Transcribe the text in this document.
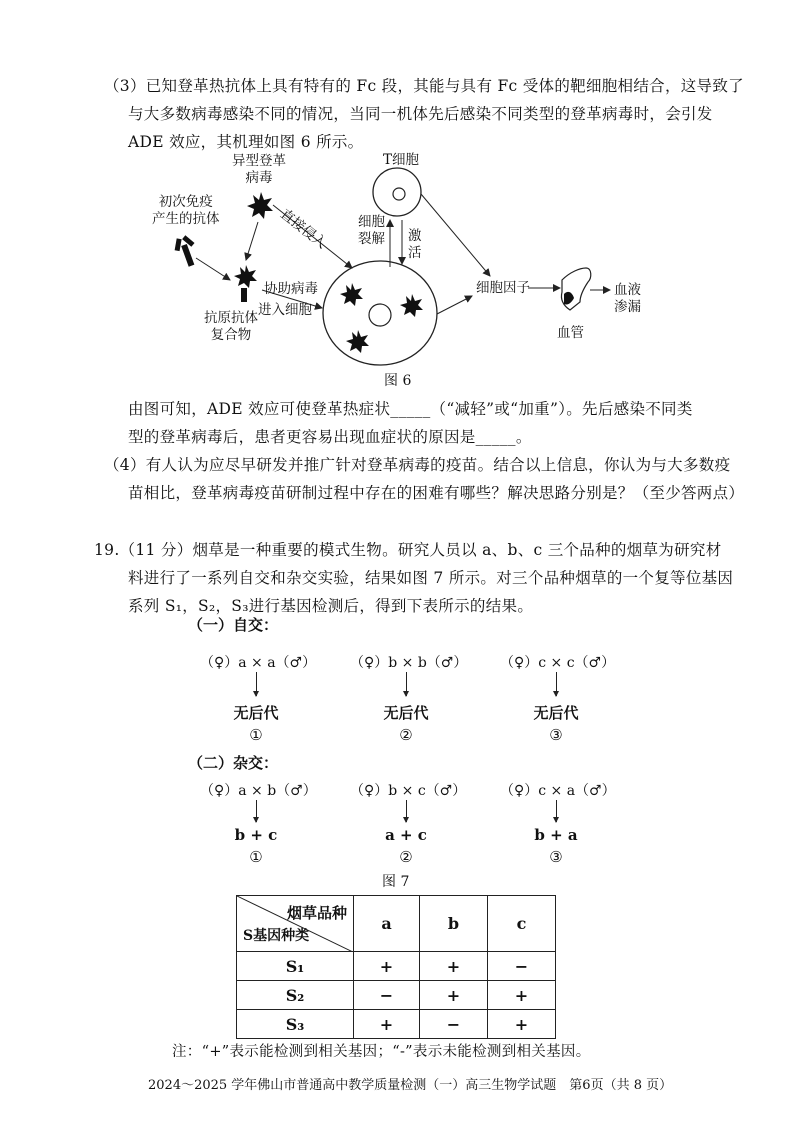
（3）已知登革热抗体上具有特有的 Fc 段，其能与具有 Fc 受体的靶细胞相结合，这导致了
与大多数病毒感染不同的情况，当同一机体先后感染不同类型的登革病毒时，会引发
ADE 效应，其机理如图 6 所示。
异型登革
病毒
初次免疫
产生的抗体
抗原抗体
复合物
直接侵入
协助病毒
进入细胞
T细胞
细胞
裂解 激
活
细胞因子	血液
渗漏
血管
图 6
由图可知，ADE 效应可使登革热症状_____（“减轻”或“加重”）。先后感染不同类
型的登革病毒后，患者更容易出现血症状的原因是_____。
（4）有人认为应尽早研发并推广针对登革病毒的疫苗。结合以上信息，你认为与大多数疫
苗相比，登革病毒疫苗研制过程中存在的困难有哪些？解决思路分别是？（至少答两点）
19.（11 分）烟草是一种重要的模式生物。研究人员以 a、b、c 三个品种的烟草为研究材
料进行了一系列自交和杂交实验，结果如图 7 所示。对三个品种烟草的一个复等位基因
系列 S₁，S₂，S₃进行基因检测后，得到下表所示的结果。
（一）自交：
（♀）a × a（♂） （♀）b × b（♂） （♀）c × c（♂）
无后代	无后代	无后代
①	②	③
（二）杂交：
（♀）a × b（♂） （♀）b × c（♂） （♀）c × a（♂）
b + c	a + c	b + a
①	②	③
图 7
烟草品种
S基因种类	a	b	c
S₁	+	+	−
S₂	−	+	+
S₃	+	−	+
注：“+”表示能检测到相关基因；“-”表示未能检测到相关基因。
2024～2025 学年佛山市普通高中教学质量检测（一）高三生物学试题　第6页（共 8 页）
